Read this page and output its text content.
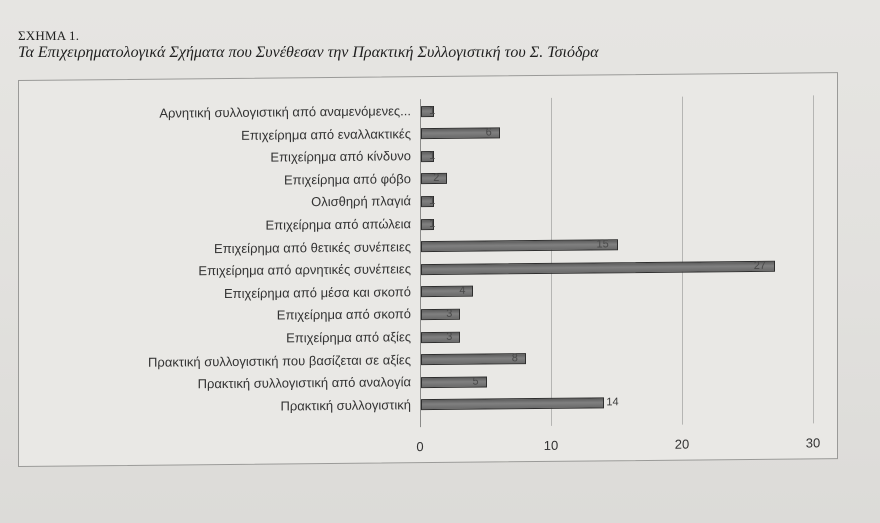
ΣΧΗΜΑ 1.
Τα Επιχειρηματολογικά Σχήματα που Συνέθεσαν την Πρακτική Συλλογιστική του Σ. Τσιόδρα
0	10	20	30
Αρνητική συλλογιστική από αναμενόμενες... 1
Επιχείρημα από εναλλακτικές	6
Επιχείρημα από κίνδυνο 1
Επιχείρημα από φόβο 2
Ολισθηρή πλαγιά 1
Επιχείρημα από απώλεια 1
Επιχείρημα από θετικές συνέπειες	15
Επιχείρημα από αρνητικές συνέπειες	27
Επιχείρημα από μέσα και σκοπό	4
Επιχείρημα από σκοπό	3
Επιχείρημα από αξίες	3
Πρακτική συλλογιστική που βασίζεται σε αξίες	8
Πρακτική συλλογιστική από αναλογία	5
Πρακτική συλλογιστική	14
